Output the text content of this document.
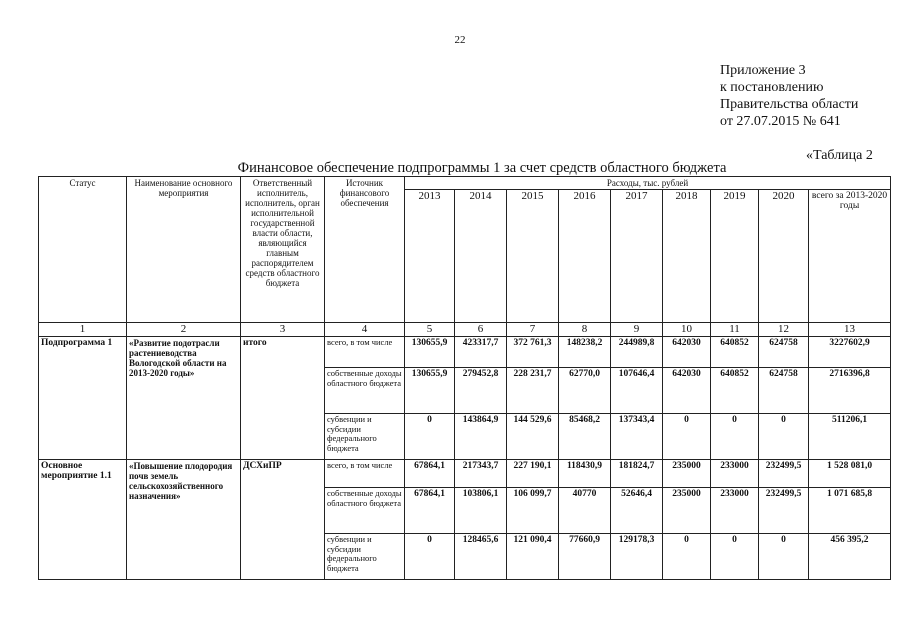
22
Приложение 3
к постановлению
Правительства области
от 27.07.2015 № 641
«Таблица 2
Финансовое обеспечение подпрограммы 1 за счет средств областного бюджета
Статус	Наименование основного мероприятия	Ответственный исполнитель, исполнитель, орган исполнительной государственной власти области, являющийся главным распорядителем средств областного бюджета	Источник финансового обеспечения	Расходы, тыс. рублей								
				2013	2014	2015	2016	2017	2018	2019	2020	всего за 2013-2020 годы
1	2	3	4	5	6	7	8	9	10	11	12	13
Подпрограмма 1	«Развитие подотрасли растениеводства Вологодской области на 2013-2020 годы»	итого	всего, в том числе	130655,9	423317,7	372 761,3	148238,2	244989,8	642030	640852	624758	3227602,9
			собственные доходы областного бюджета	130655,9	279452,8	228 231,7	62770,0	107646,4	642030	640852	624758	2716396,8
			субвенции и субсидии федерального бюджета	0	143864,9	144 529,6	85468,2	137343,4	0	0	0	511206,1
Основное мероприятие 1.1	«Повышение плодородия почв земель сельскохозяйственного назначения»	ДСХиПР	всего, в том числе	67864,1	217343,7	227 190,1	118430,9	181824,7	235000	233000	232499,5	1 528 081,0
			собственные доходы областного бюджета	67864,1	103806,1	106 099,7	40770	52646,4	235000	233000	232499,5	1 071 685,8
			субвенции и субсидии федерального бюджета	0	128465,6	121 090,4	77660,9	129178,3	0	0	0	456 395,2
